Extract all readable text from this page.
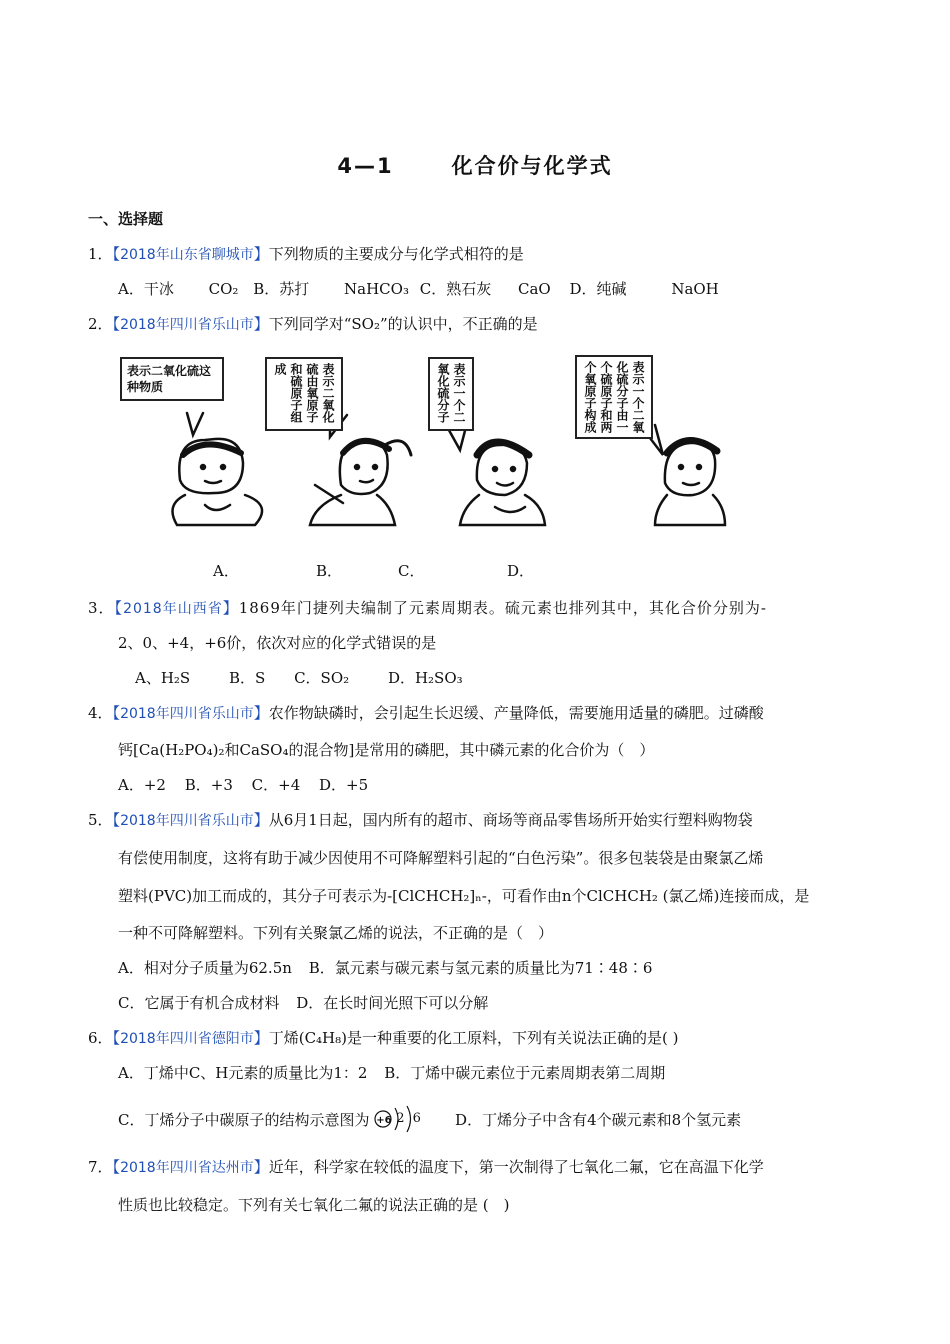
4—1	化合价与化学式
一、选择题
1．【2018年山东省聊城市】下列物质的主要成分与化学式相符的是
A．干冰 CO₂ B．苏打 NaHCO₃ C．熟石灰 CaO D．纯碱	NaOH
2．【2018年四川省乐山市】下列同学对“SO₂”的认识中，不正确的是
表示二氧化硫这种物质	表示二氧化硫由氧原子和硫原子组成	表示一个二氧化硫分子	表示一个二氧化硫分子由一个硫原子和两个氧原子构成
A．	B．	C．	D．
3．【2018年山西省】1869年门捷列夫编制了元素周期表。硫元素也排列其中，其化合价分别为-
2、0、+4，+6价，依次对应的化学式错误的是
A、H₂S	B．S C．SO₂	D．H₂SO₃
4．【2018年四川省乐山市】农作物缺磷时，会引起生长迟缓、产量降低，需要施用适量的磷肥。过磷酸
钙[Ca(H₂PO₄)₂和CaSO₄的混合物]是常用的磷肥，其中磷元素的化合价为（　）
A．+2 B．+3 C．+4 D．+5
5．【2018年四川省乐山市】从6月1日起，国内所有的超市、商场等商品零售场所开始实行塑料购物袋
有偿使用制度，这将有助于减少因使用不可降解塑料引起的“白色污染”。很多包装袋是由聚氯乙烯
塑料(PVC)加工而成的，其分子可表示为-[ClCHCH₂]ₙ-，可看作由n个ClCHCH₂ (氯乙烯)连接而成，是
一种不可降解塑料。下列有关聚氯乙烯的说法，不正确的是（　）
A．相对分子质量为62.5n B．氯元素与碳元素与氢元素的质量比为71∶48∶6
C．它属于有机合成材料 D．在长时间光照下可以分解
6．【2018年四川省德阳市】丁烯(C₄H₈)是一种重要的化工原料，下列有关说法正确的是( )
A．丁烯中C、H元素的质量比为1：2 B．丁烯中碳元素位于元素周期表第二周期
C．丁烯分子中碳原子的结构示意图为 +6 2 6 D．丁烯分子中含有4个碳元素和8个氢元素
7．【2018年四川省达州市】近年，科学家在较低的温度下，第一次制得了七氧化二氟，它在高温下化学
性质也比较稳定。下列有关七氧化二氟的说法正确的是 (　)
